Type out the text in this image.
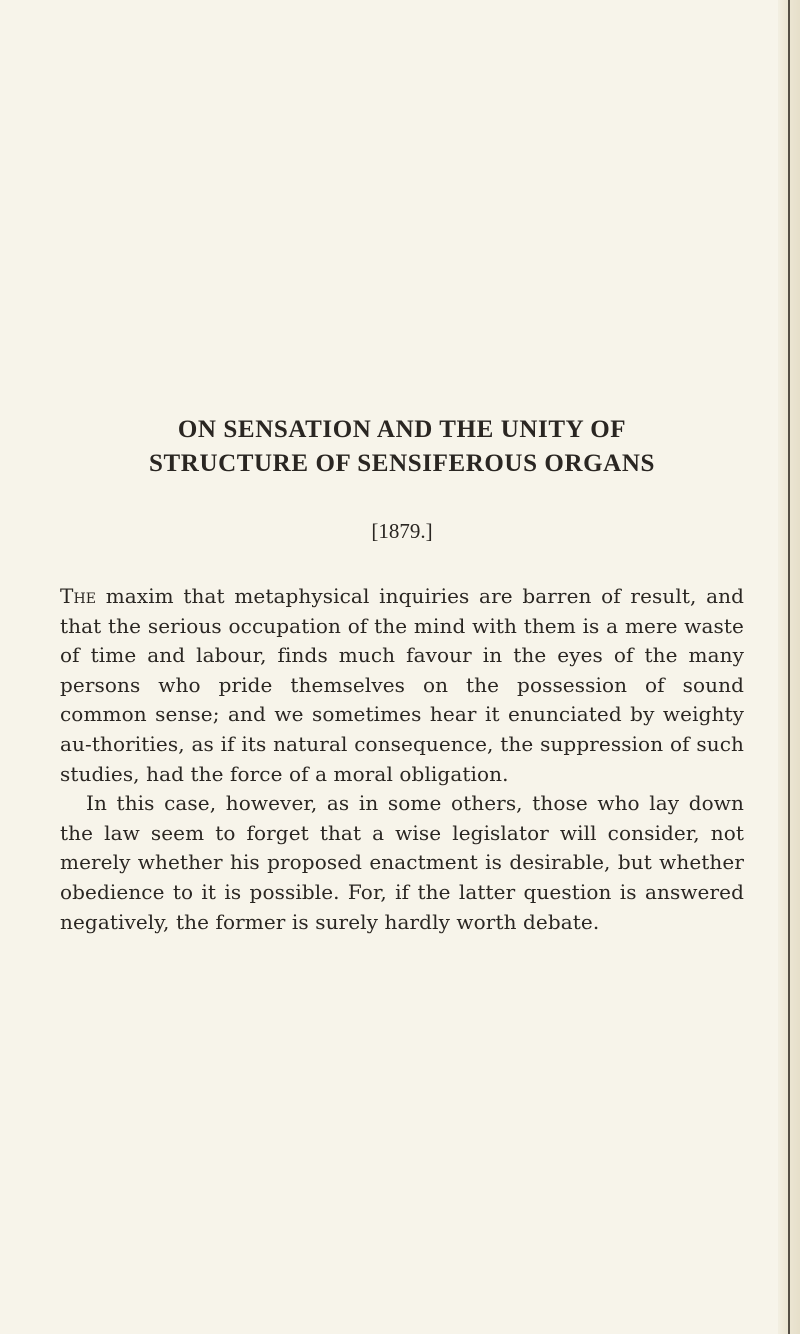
ON SENSATION AND THE UNITY OF
STRUCTURE OF SENSIFEROUS ORGANS
[1879.]

The maxim that metaphysical inquiries are barren of result, and that the serious occupation of the mind with them is a mere waste of time and labour, finds much favour in the eyes of the many persons who pride themselves on the possession of sound common sense; and we sometimes hear it enunciated by weighty au-thorities, as if its natural consequence, the suppression of such studies, had the force of a moral obligation.

In this case, however, as in some others, those who lay down the law seem to forget that a wise legislator will consider, not merely whether his proposed enactment is desirable, but whether obedience to it is possible. For, if the latter question is answered negatively, the former is surely hardly worth debate.
